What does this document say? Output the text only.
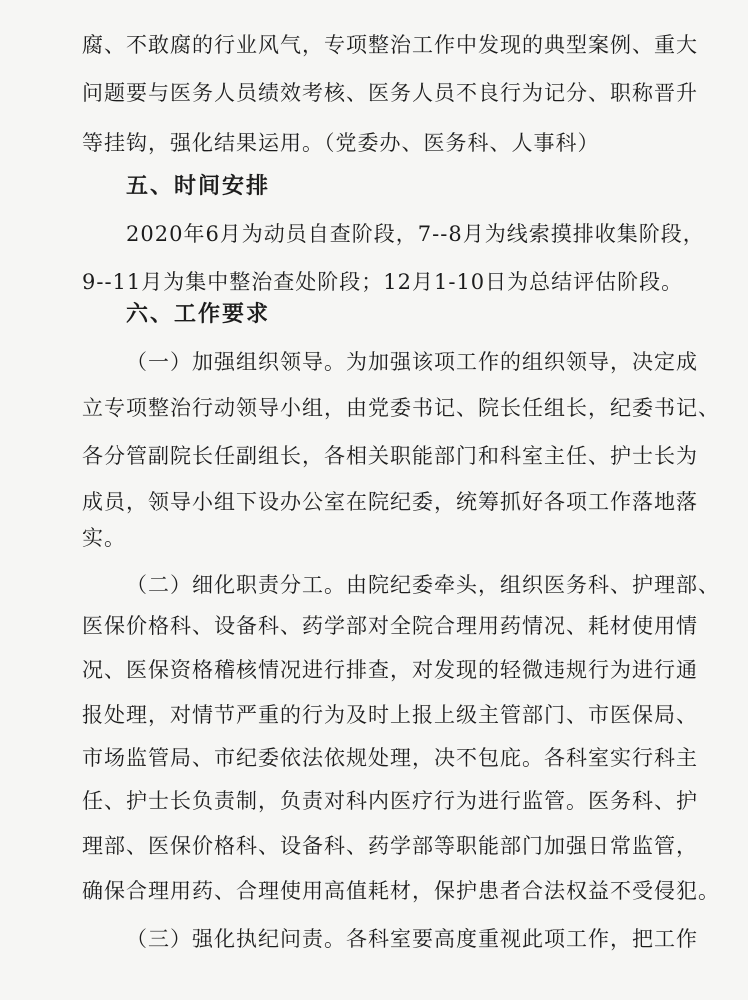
腐、不敢腐的行业风气，专项整治工作中发现的典型案例、重大
问题要与医务人员绩效考核、医务人员不良行为记分、职称晋升
等挂钩，强化结果运用。（党委办、医务科、人事科）
五、时间安排
2020年6月为动员自查阶段，7--8月为线索摸排收集阶段，
9--11月为集中整治查处阶段；12月1-10日为总结评估阶段。
六、工作要求
（一）加强组织领导。为加强该项工作的组织领导，决定成
立专项整治行动领导小组，由党委书记、院长任组长，纪委书记、
各分管副院长任副组长，各相关职能部门和科室主任、护士长为
成员，领导小组下设办公室在院纪委，统筹抓好各项工作落地落
实。
（二）细化职责分工。由院纪委牵头，组织医务科、护理部、
医保价格科、设备科、药学部对全院合理用药情况、耗材使用情
况、医保资格稽核情况进行排查，对发现的轻微违规行为进行通
报处理，对情节严重的行为及时上报上级主管部门、市医保局、
市场监管局、市纪委依法依规处理，决不包庇。各科室实行科主
任、护士长负责制，负责对科内医疗行为进行监管。医务科、护
理部、医保价格科、设备科、药学部等职能部门加强日常监管，
确保合理用药、合理使用高值耗材，保护患者合法权益不受侵犯。
（三）强化执纪问责。各科室要高度重视此项工作，把工作
